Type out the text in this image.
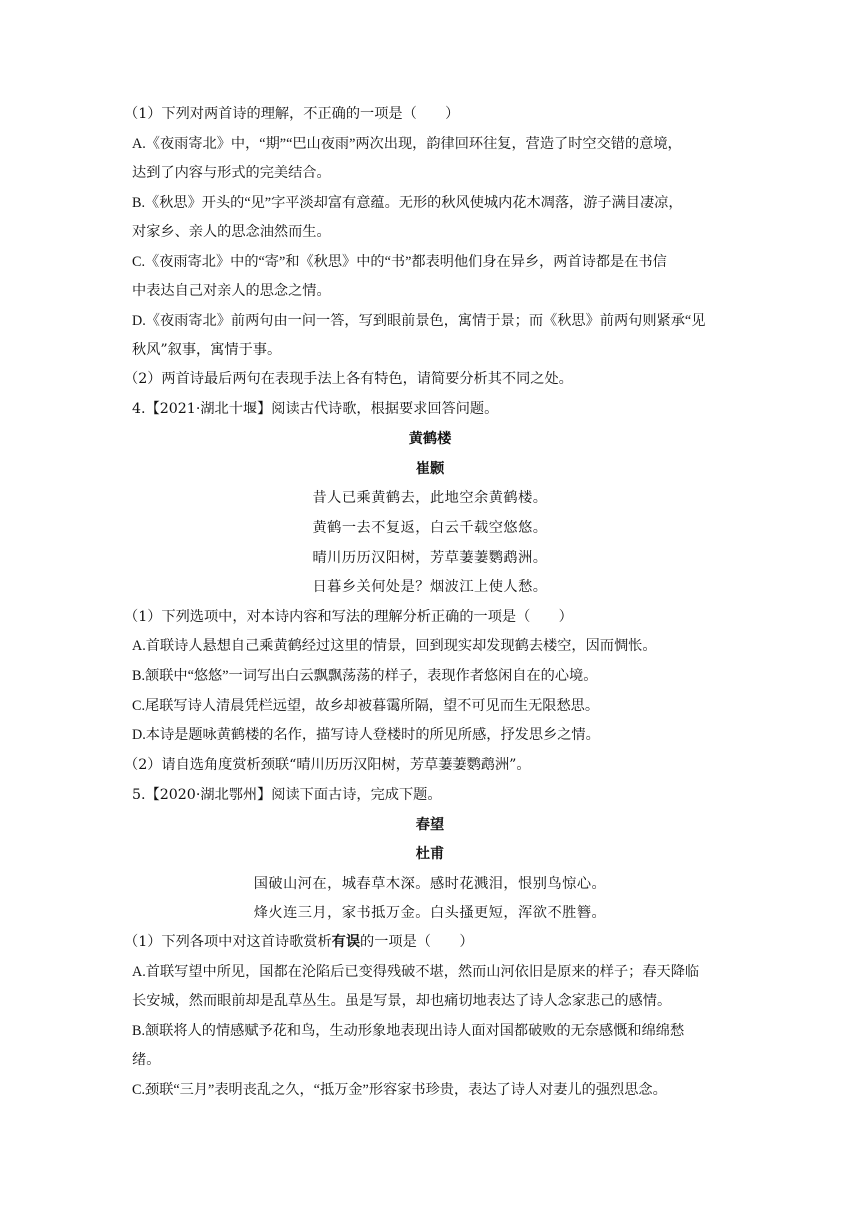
（1）下列对两首诗的理解，不正确的一项是（　　）
A.《夜雨寄北》中，“期”“巴山夜雨”两次出现，韵律回环往复，营造了时空交错的意境，
达到了内容与形式的完美结合。
B.《秋思》开头的“见”字平淡却富有意蕴。无形的秋风使城内花木凋落，游子满目凄凉，
对家乡、亲人的思念油然而生。
C.《夜雨寄北》中的“寄”和《秋思》中的“书”都表明他们身在异乡，两首诗都是在书信
中表达自己对亲人的思念之情。
D.《夜雨寄北》前两句由一问一答，写到眼前景色，寓情于景；而《秋思》前两句则紧承“见
秋风”叙事，寓情于事。
（2）两首诗最后两句在表现手法上各有特色，请简要分析其不同之处。
4.【2021·湖北十堰】阅读古代诗歌，根据要求回答问题。
黄鹤楼
崔颢
昔人已乘黄鹤去，此地空余黄鹤楼。
黄鹤一去不复返，白云千载空悠悠。
晴川历历汉阳树，芳草萋萋鹦鹉洲。
日暮乡关何处是？烟波江上使人愁。
（1）下列选项中，对本诗内容和写法的理解分析正确的一项是（　　）
A.首联诗人悬想自己乘黄鹤经过这里的情景，回到现实却发现鹤去楼空，因而惆怅。
B.颔联中“悠悠”一词写出白云飘飘荡荡的样子，表现作者悠闲自在的心境。
C.尾联写诗人清晨凭栏远望，故乡却被暮霭所隔，望不可见而生无限愁思。
D.本诗是题咏黄鹤楼的名作，描写诗人登楼时的所见所感，抒发思乡之情。
（2）请自选角度赏析颈联“晴川历历汉阳树，芳草萋萋鹦鹉洲”。
5.【2020·湖北鄂州】阅读下面古诗，完成下题。
春望
杜甫
国破山河在，城春草木深。感时花溅泪，恨别鸟惊心。
烽火连三月，家书抵万金。白头搔更短，浑欲不胜簪。
（1）下列各项中对这首诗歌赏析有误的一项是（　　）
A.首联写望中所见，国都在沦陷后已变得残破不堪，然而山河依旧是原来的样子；春天降临
长安城，然而眼前却是乱草丛生。虽是写景，却也痛切地表达了诗人念家悲己的感情。
B.颔联将人的情感赋予花和鸟，生动形象地表现出诗人面对国都破败的无奈感慨和绵绵愁
绪。
C.颈联“三月”表明丧乱之久，“抵万金”形容家书珍贵，表达了诗人对妻儿的强烈思念。
